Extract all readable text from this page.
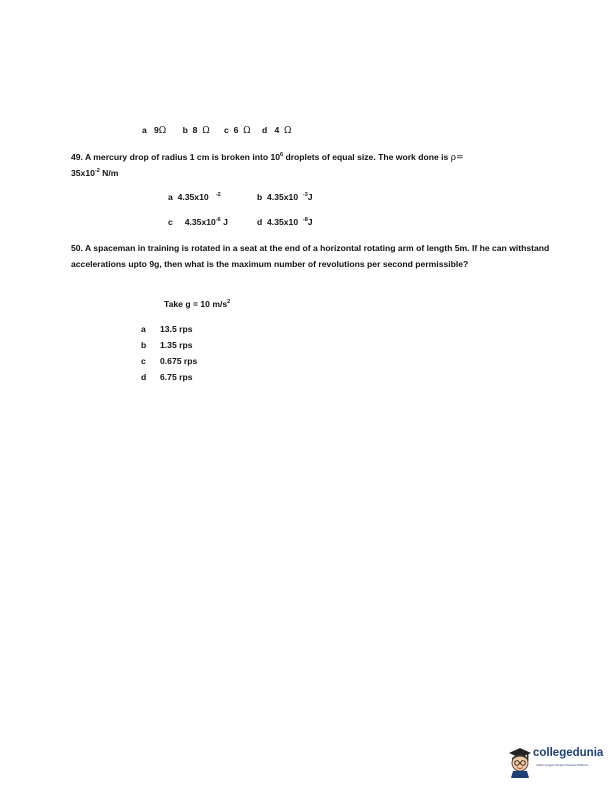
a 9Ω b 8 Ω c 6 Ω d 4 Ω
49. A mercury drop of radius 1 cm is broken into $10^6$ droplets of equal size. The work done is ρ=
$35x10^{-2}$ N/m
a 4.35x10 $^{-2}$	b 4.35x10 $^{-3}$J
c $4.35x10^{-6}$ J	d 4.35x10 $^{-8}$J
50. A spaceman in training is rotated in a seat at the end of a horizontal rotating arm of length 5m. If he can withstand accelerations upto 9g, then what is the maximum number of revolutions per second permissible?
Take g = 10 $m/s^2$
a 13.5 rps
b 1.35 rps
c 0.675 rps
d 6.75 rps
collegedunia
India's largest Student Review Platform
